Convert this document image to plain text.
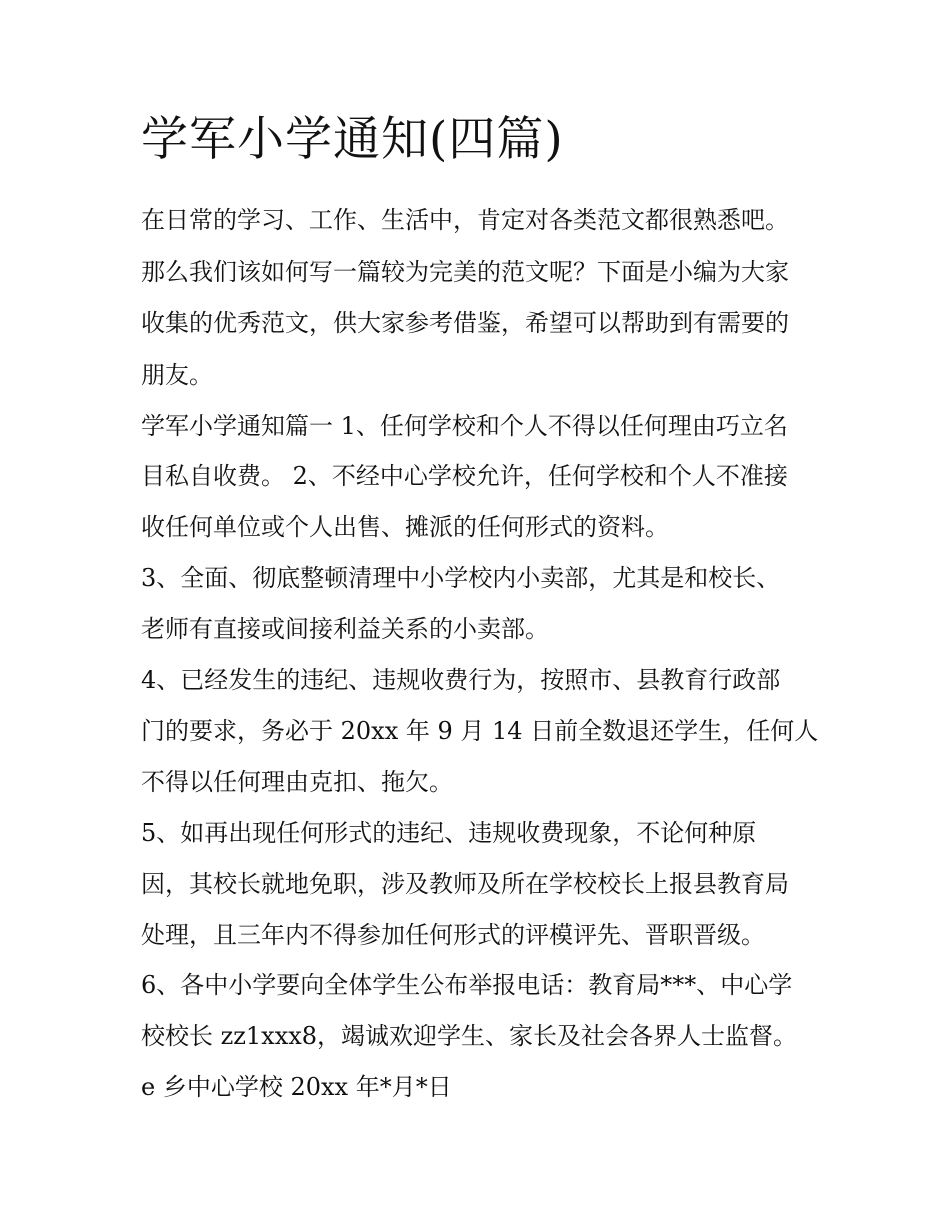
学军小学通知(四篇)

在日常的学习、工作、生活中，肯定对各类范文都很熟悉吧。

那么我们该如何写一篇较为完美的范文呢？下面是小编为大家

收集的优秀范文，供大家参考借鉴，希望可以帮助到有需要的

朋友。

学军小学通知篇一 1、任何学校和个人不得以任何理由巧立名

目私自收费。 2、不经中心学校允许，任何学校和个人不准接

收任何单位或个人出售、摊派的任何形式的资料。

3、全面、彻底整顿清理中小学校内小卖部，尤其是和校长、

老师有直接或间接利益关系的小卖部。

4、已经发生的违纪、违规收费行为，按照市、县教育行政部

门的要求，务必于 20xx 年 9 月 14 日前全数退还学生，任何人

不得以任何理由克扣、拖欠。

5、如再出现任何形式的违纪、违规收费现象，不论何种原

因，其校长就地免职，涉及教师及所在学校校长上报县教育局

处理，且三年内不得参加任何形式的评模评先、晋职晋级。

6、各中小学要向全体学生公布举报电话：教育局***、中心学

校校长 zz1xxx8，竭诚欢迎学生、家长及社会各界人士监督。

e 乡中心学校 20xx 年*月*日
